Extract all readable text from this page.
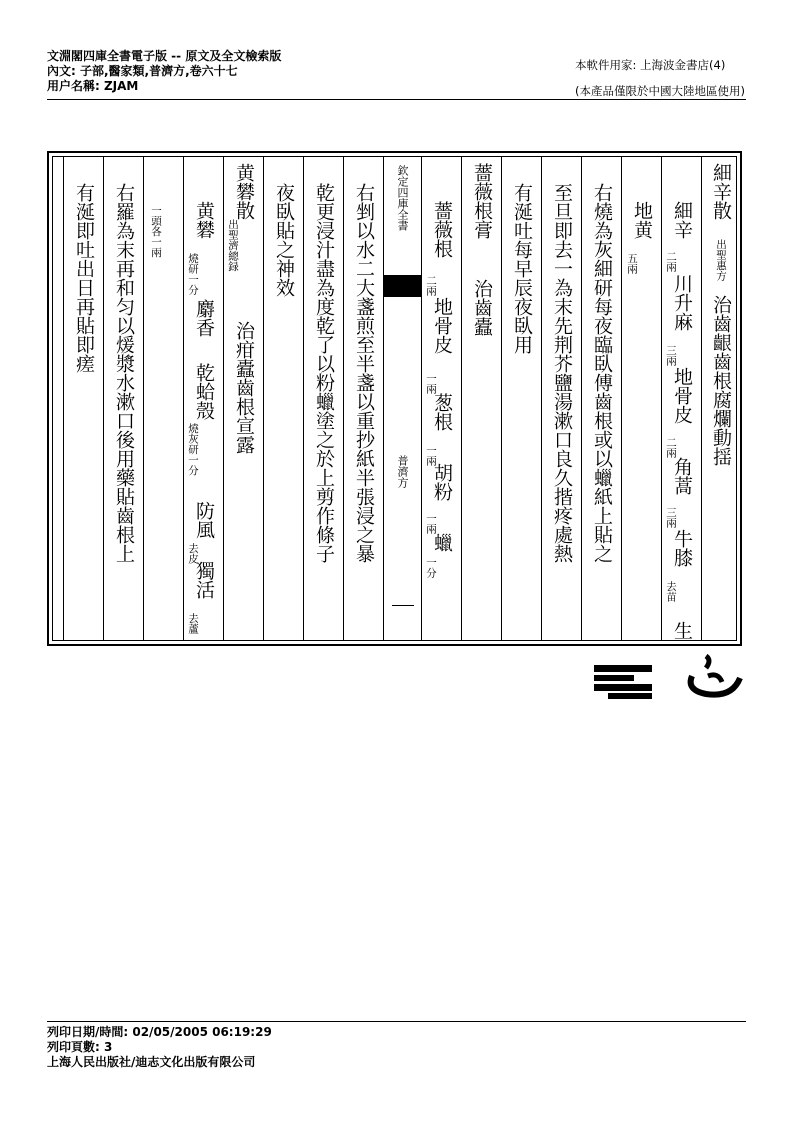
文淵閣四庫全書電子版 -- 原文及全文檢索版
內文: 子部,醫家類,普濟方,卷六十七
用户名稱: ZJAM
本軟件用家: 上海波金書店(4)
(本產品僅限於中國大陸地區使用)
細辛散
出聖惠方
治齒齦齒根腐爛動揺
細辛
二兩
川升麻
三兩
地骨皮
二兩
角蒿
三兩
牛膝
去苗
生
地黄
五兩
右燒為灰細研每夜臨臥傅齒根或以蠟紙上貼之
至旦即去一為末先荆芥鹽湯漱口良久揩疼處熱
有涎吐每早辰夜臥用
薔薇根膏
治齒蠹
薔薇根
二兩
地骨皮
一兩
葱根
一兩
胡粉
一兩
蠟
一分
欽定四庫全書
普濟方
右剉以水二大盞煎至半盞以重抄紙半張浸之暴
乾更浸汁盡為度乾了以粉蠟塗之於上剪作條子
夜臥貼之神效
黄礬散
出聖濟總録
治疳蠹齒根宣露
黄礬
燒研一分
麝香
乾蛤殼
燒灰研一分
防風
去皮
獨活
去蘆
一頭各一兩
右羅為末再和匀以煖漿水漱口後用藥貼齒根上
有涎即吐出日再貼即瘥
列印日期/時間: 02/05/2005 06:19:29
列印頁數: 3
上海人民出版社/迪志文化出版有限公司
